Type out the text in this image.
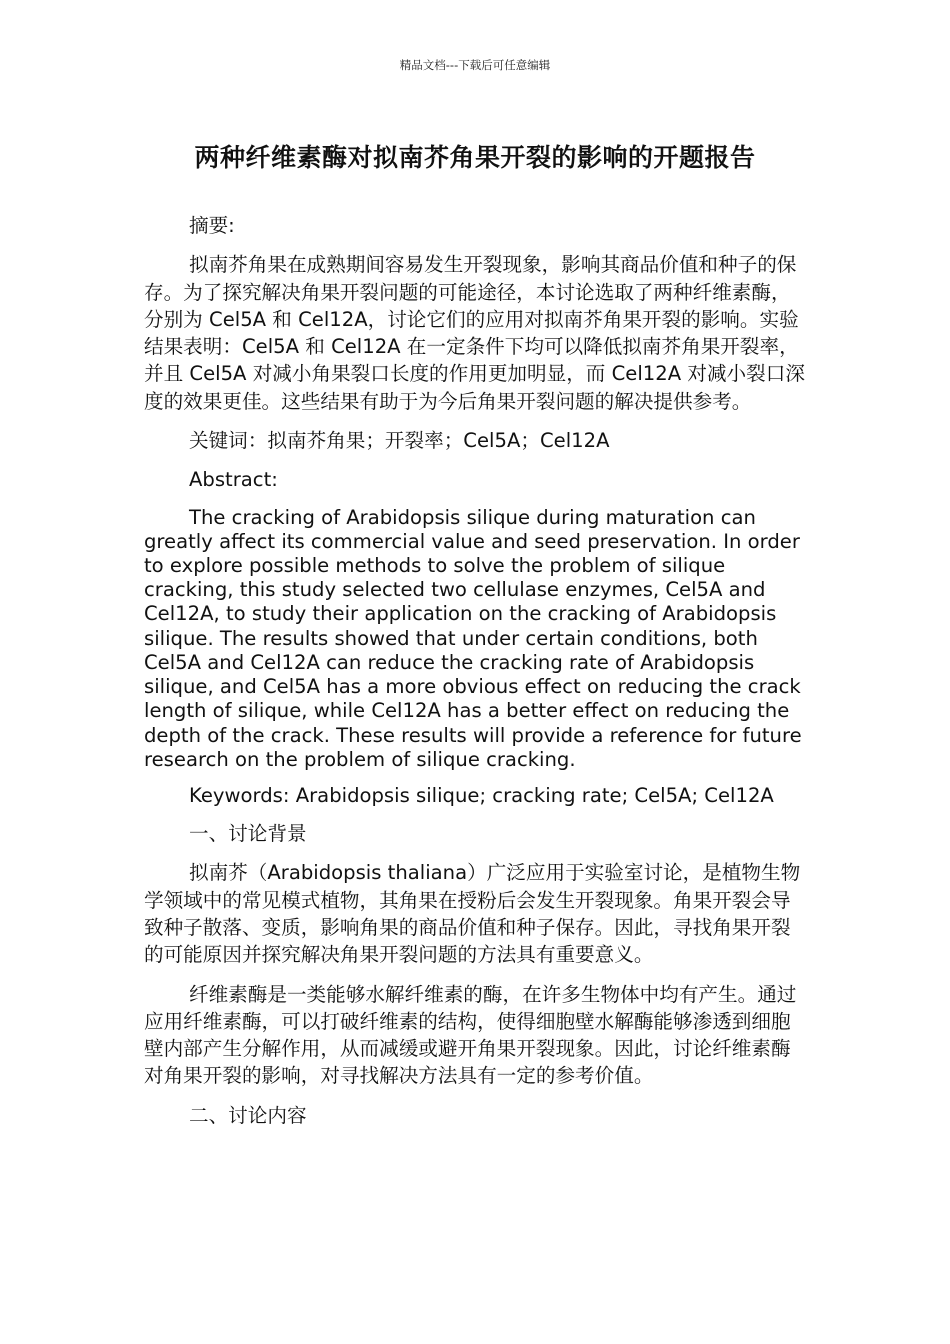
精品文档---下载后可任意编辑
两种纤维素酶对拟南芥角果开裂的影响的开题报告

摘要:

拟南芥角果在成熟期间容易发生开裂现象，影响其商品价值和种子的保存。为了探究解决角果开裂问题的可能途径，本讨论选取了两种纤维素酶，分别为 Cel5A 和 Cel12A，讨论它们的应用对拟南芥角果开裂的影响。实验结果表明：Cel5A 和 Cel12A 在一定条件下均可以降低拟南芥角果开裂率，并且 Cel5A 对减小角果裂口长度的作用更加明显，而 Cel12A 对减小裂口深度的效果更佳。这些结果有助于为今后角果开裂问题的解决提供参考。

关键词：拟南芥角果；开裂率；Cel5A；Cel12A

Abstract:

The cracking of Arabidopsis silique during maturation can greatly affect its commercial value and seed preservation. In order to explore possible methods to solve the problem of silique cracking, this study selected two cellulase enzymes, Cel5A and Cel12A, to study their application on the cracking of Arabidopsis silique. The results showed that under certain conditions, both Cel5A and Cel12A can reduce the cracking rate of Arabidopsis silique, and Cel5A has a more obvious effect on reducing the crack length of silique, while Cel12A has a better effect on reducing the depth of the crack. These results will provide a reference for future research on the problem of silique cracking.

Keywords: Arabidopsis silique; cracking rate; Cel5A; Cel12A

一、讨论背景

拟南芥（Arabidopsis thaliana）广泛应用于实验室讨论，是植物生物学领域中的常见模式植物，其角果在授粉后会发生开裂现象。角果开裂会导致种子散落、变质，影响角果的商品价值和种子保存。因此，寻找角果开裂的可能原因并探究解决角果开裂问题的方法具有重要意义。

纤维素酶是一类能够水解纤维素的酶，在许多生物体中均有产生。通过应用纤维素酶，可以打破纤维素的结构，使得细胞壁水解酶能够渗透到细胞壁内部产生分解作用，从而减缓或避开角果开裂现象。因此，讨论纤维素酶对角果开裂的影响，对寻找解决方法具有一定的参考价值。

二、讨论内容
